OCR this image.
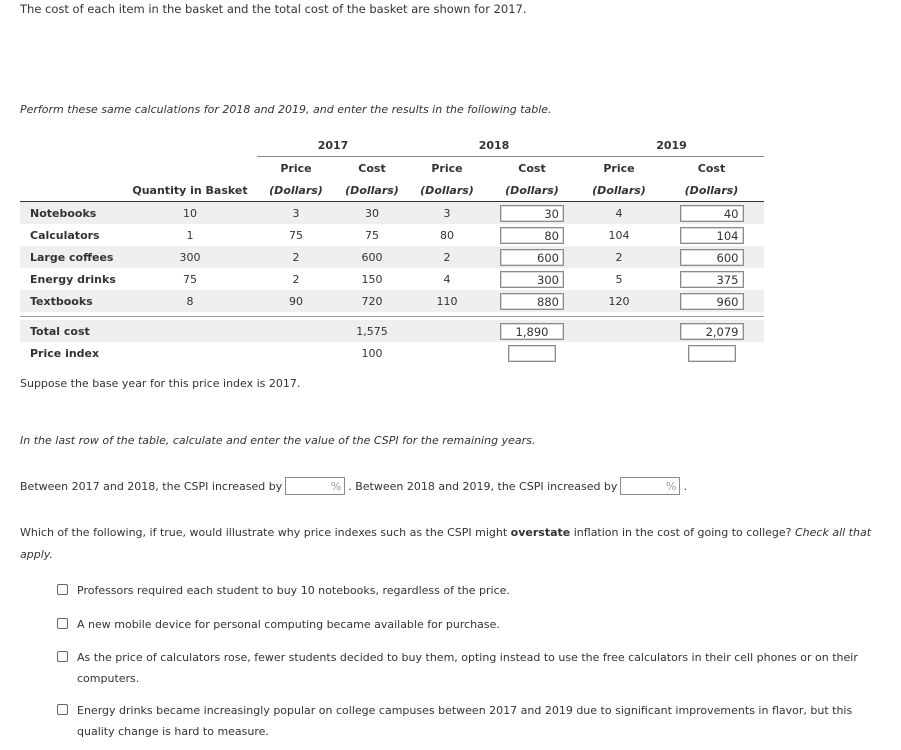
The cost of each item in the basket and the total cost of the basket are shown for 2017.
Perform these same calculations for 2018 and 2019, and enter the results in the following table.
		2017		2018		2019	
		Price	Cost	Price	Cost	Price	Cost
	Quantity in Basket	(Dollars)	(Dollars)	(Dollars)	(Dollars)	(Dollars)	(Dollars)
Notebooks	10	3	30	3	30	4	40
Calculators	1	75	75	80	80	104	104
Large coffees	300	2	600	2	600	2	600
Energy drinks	75	2	150	4	300	5	375
Textbooks	8	90	720	110	880	120	960

Total cost			1,575		1,890		2,079
Price index			100				
Suppose the base year for this price index is 2017.
In the last row of the table, calculate and enter the value of the CSPI for the remaining years.
Between 2017 and 2018, the CSPI increased by	% . Between 2018 and 2019, the CSPI increased by	% .
Which of the following, if true, would illustrate why price indexes such as the CSPI might overstate inflation in the cost of going to college? Check all that apply.
Professors required each student to buy 10 notebooks, regardless of the price.
A new mobile device for personal computing became available for purchase.
As the price of calculators rose, fewer students decided to buy them, opting instead to use the free calculators in their cell phones or on their computers.
Energy drinks became increasingly popular on college campuses between 2017 and 2019 due to significant improvements in flavor, but this quality change is hard to measure.
